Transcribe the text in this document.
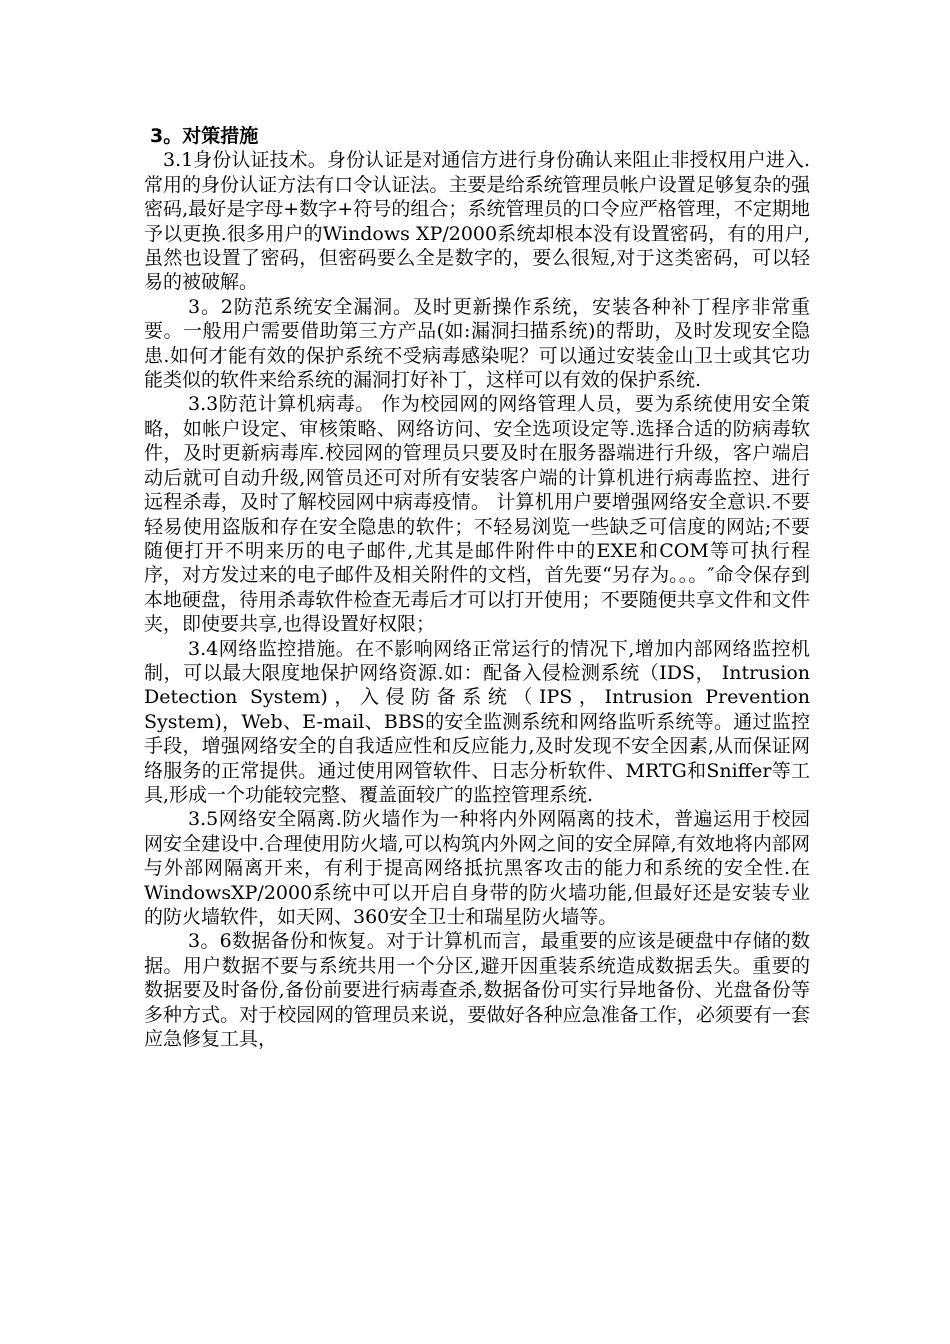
3。对策措施

3.1身份认证技术。身份认证是对通信方进行身份确认来阻止非授权用户进入.常用的身份认证方法有口令认证法。主要是给系统管理员帐户设置足够复杂的强密码,最好是字母+数字+符号的组合；系统管理员的口令应严格管理，不定期地予以更换.很多用户的Windows XP/2000系统却根本没有设置密码，有的用户,虽然也设置了密码，但密码要么全是数字的，要么很短,对于这类密码，可以轻易的被破解。

3。2防范系统安全漏洞。及时更新操作系统，安装各种补丁程序非常重要。一般用户需要借助第三方产品(如:漏洞扫描系统)的帮助，及时发现安全隐患.如何才能有效的保护系统不受病毒感染呢？可以通过安装金山卫士或其它功能类似的软件来给系统的漏洞打好补丁，这样可以有效的保护系统.

3.3防范计算机病毒。 作为校园网的网络管理人员，要为系统使用安全策略，如帐户设定、审核策略、网络访问、安全选项设定等.选择合适的防病毒软件，及时更新病毒库.校园网的管理员只要及时在服务器端进行升级，客户端启动后就可自动升级,网管员还可对所有安装客户端的计算机进行病毒监控、进行远程杀毒，及时了解校园网中病毒疫情。 计算机用户要增强网络安全意识.不要轻易使用盗版和存在安全隐患的软件；不轻易浏览一些缺乏可信度的网站;不要随便打开不明来历的电子邮件,尤其是邮件附件中的EXE和COM等可执行程序，对方发过来的电子邮件及相关附件的文档，首先要“另存为。。。″命令保存到本地硬盘，待用杀毒软件检查无毒后才可以打开使用；不要随便共享文件和文件夹，即使要共享,也得设置好权限；

3.4网络监控措施。在不影响网络正常运行的情况下,增加内部网络监控机制，可以最大限度地保护网络资源.如：配备入侵检测系统（IDS， Intrusion Detection System)，入侵防备系统（IPS，Intrusion Prevention System)，Web、E-mail、BBS的安全监测系统和网络监听系统等。通过监控手段，增强网络安全的自我适应性和反应能力,及时发现不安全因素,从而保证网络服务的正常提供。通过使用网管软件、日志分析软件、MRTG和Sniffer等工具,形成一个功能较完整、覆盖面较广的监控管理系统.

3.5网络安全隔离.防火墙作为一种将内外网隔离的技术，普遍运用于校园网安全建设中.合理使用防火墙,可以构筑内外网之间的安全屏障,有效地将内部网与外部网隔离开来，有利于提高网络抵抗黑客攻击的能力和系统的安全性.在WindowsXP/2000系统中可以开启自身带的防火墙功能,但最好还是安装专业的防火墙软件，如天网、360安全卫士和瑞星防火墙等。

3。6数据备份和恢复。对于计算机而言，最重要的应该是硬盘中存储的数据。用户数据不要与系统共用一个分区,避开因重装系统造成数据丢失。重要的数据要及时备份,备份前要进行病毒查杀,数据备份可实行异地备份、光盘备份等多种方式。对于校园网的管理员来说，要做好各种应急准备工作，必须要有一套应急修复工具，
